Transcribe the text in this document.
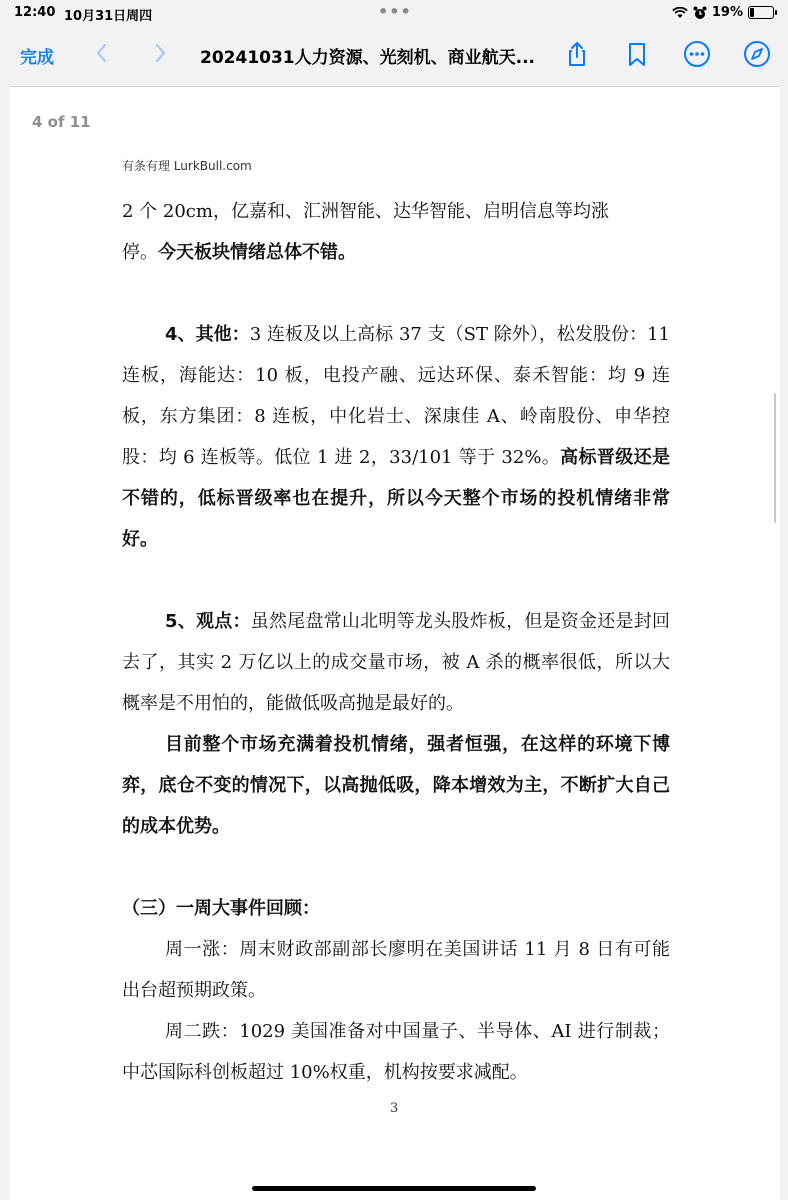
12:40 10月31日周四	•••	19%
完成	20241031人力资源、光刻机、商业航天...
4 of 11
有条有理 LurkBull.com

2 个 20cm，亿嘉和、汇洲智能、达华智能、启明信息等均涨
停。今天板块情绪总体不错。

4、其他：3 连板及以上高标 37 支（ST 除外），松发股份：11 连板，海能达：10 板，电投产融、远达环保、泰禾智能：均 9 连板，东方集团：8 连板，中化岩士、深康佳 A、岭南股份、申华控股：均 6 连板等。低位 1 进 2，33/101 等于 32%。高标晋级还是不错的，低标晋级率也在提升，所以今天整个市场的投机情绪非常好。

5、观点：虽然尾盘常山北明等龙头股炸板，但是资金还是封回去了，其实 2 万亿以上的成交量市场，被 A 杀的概率很低，所以大概率是不用怕的，能做低吸高抛是最好的。

目前整个市场充满着投机情绪，强者恒强，在这样的环境下博弈，底仓不变的情况下，以高抛低吸，降本增效为主，不断扩大自己的成本优势。

（三）一周大事件回顾：

周一涨：周末财政部副部长廖明在美国讲话 11 月 8 日有可能出台超预期政策。

周二跌：1029 美国准备对中国量子、半导体、AI 进行制裁；中芯国际科创板超过 10%权重，机构按要求减配。

3
